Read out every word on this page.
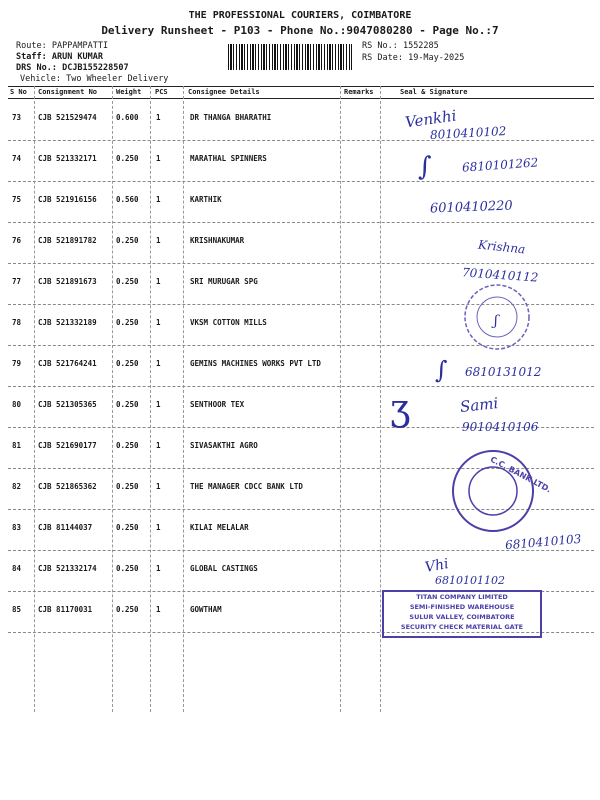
THE PROFESSIONAL COURIERS, COIMBATORE
Delivery Runsheet - P103 - Phone No.:9047080280 - Page No.:7
Route: PAPPAMPATTI
Staff: ARUN KUMAR
DRS No.: DCJB155228507
Vehicle: Two Wheeler Delivery
RS No.: 1552285
RS Date: 19-May-2025
S No Consignment No	Weight PCS	Consignee Details	Remarks	Seal & Signature
73 CJB 521529474	0.600 1	DR THANGA BHARATHI
74 CJB 521332171	0.250 1	MARATHAL SPINNERS
75 CJB 521916156	0.560 1	KARTHIK
76 CJB 521891782	0.250 1	KRISHNAKUMAR
77 CJB 521891673	0.250 1	SRI MURUGAR SPG
78 CJB 521332189	0.250 1	VKSM COTTON MILLS
79 CJB 521764241	0.250 1	GEMINS MACHINES WORKS PVT LTD
80 CJB 521305365	0.250 1	SENTHOOR TEX
81 CJB 521690177	0.250 1	SIVASAKTHI AGRO
82 CJB 521865362	0.250 1	THE MANAGER CDCC BANK LTD
83 CJB 81144037	0.250 1	KILAI MELALAR
84 CJB 521332174	0.250 1	GLOBAL CASTINGS
85 CJB 81170031	0.250 1	GOWTHAM
Venkhi
8010410102
∫	6810101262
6010410220
Krishna
7010410112
ʃ
∫ 6810131012
ʒ	Sami
9010410106
6810410103
Vhi
6810101102
C.C. BANK LTD.
TITAN COMPANY LIMITED
SEMI-FINISHED WAREHOUSE
SULUR VALLEY, COIMBATORE
SECURITY CHECK MATERIAL GATE
